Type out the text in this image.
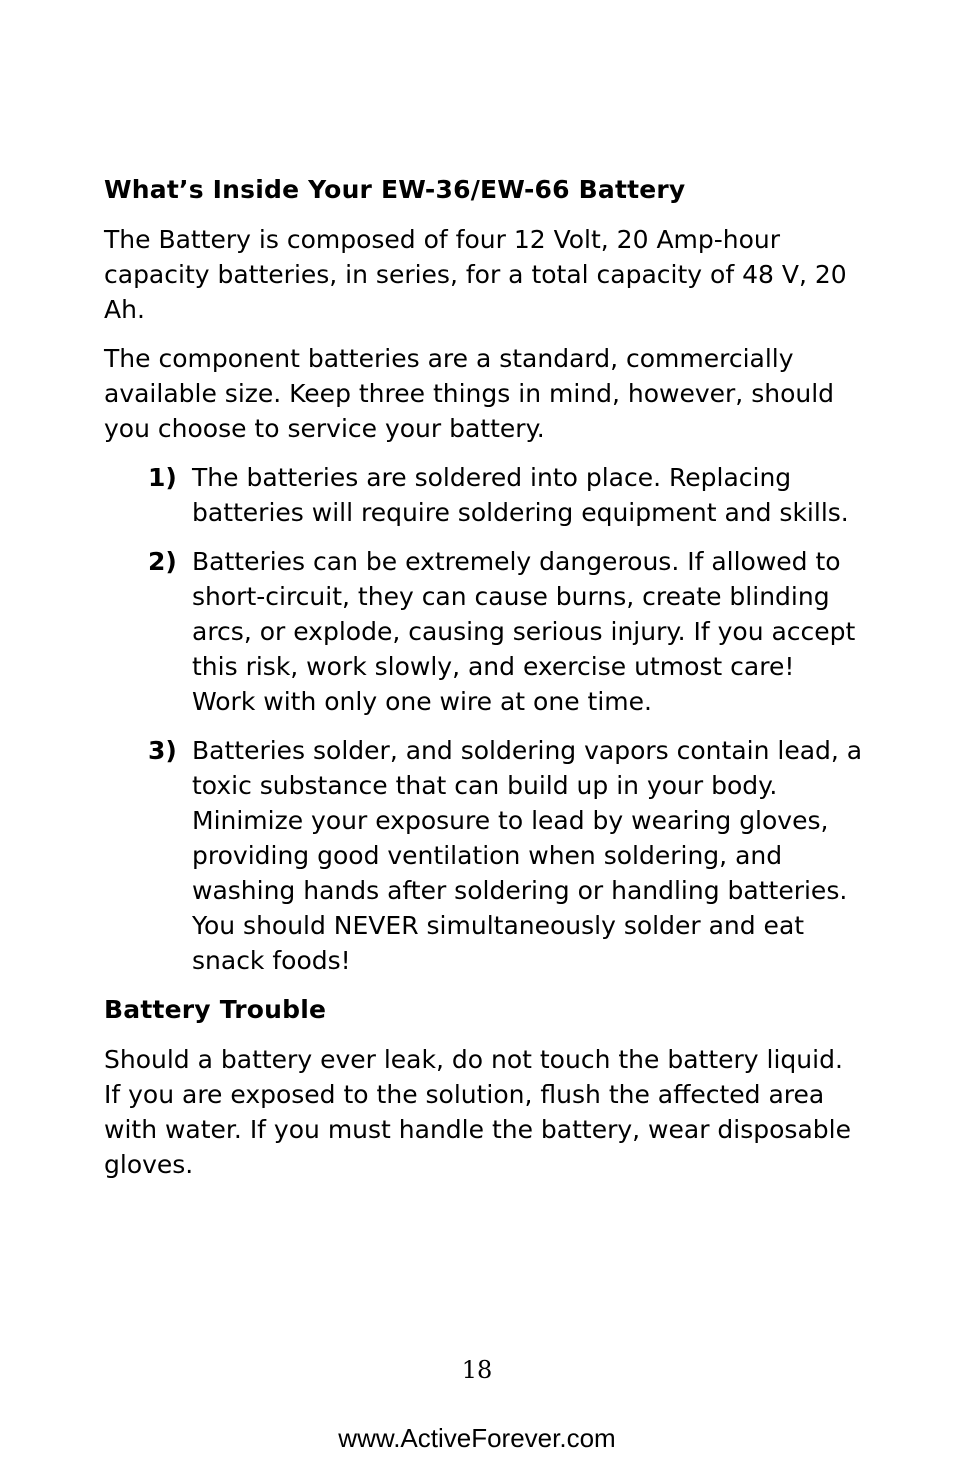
What’s Inside Your EW-36/EW-66 Battery

The Battery is composed of four 12 Volt, 20 Amp-hour capacity batteries, in series, for a total capacity of 48 V, 20 Ah.

The component batteries are a standard, commercially available size. Keep three things in mind, however, should you choose to service your battery.

1) The batteries are soldered into place. Replacing batteries will require soldering equipment and skills.
2) Batteries can be extremely dangerous. If allowed to short-circuit, they can cause burns, create blinding arcs, or explode, causing serious injury. If you accept this risk, work slowly, and exercise utmost care! Work with only one wire at one time.
3) Batteries solder, and soldering vapors contain lead, a toxic substance that can build up in your body. Minimize your exposure to lead by wearing gloves, providing good ventilation when soldering, and washing hands after soldering or handling batteries. You should NEVER simultaneously solder and eat snack foods!
Battery Trouble

Should a battery ever leak, do not touch the battery liquid. If you are exposed to the solution, flush the affected area with water. If you must handle the battery, wear disposable gloves.

18
www.ActiveForever.com
